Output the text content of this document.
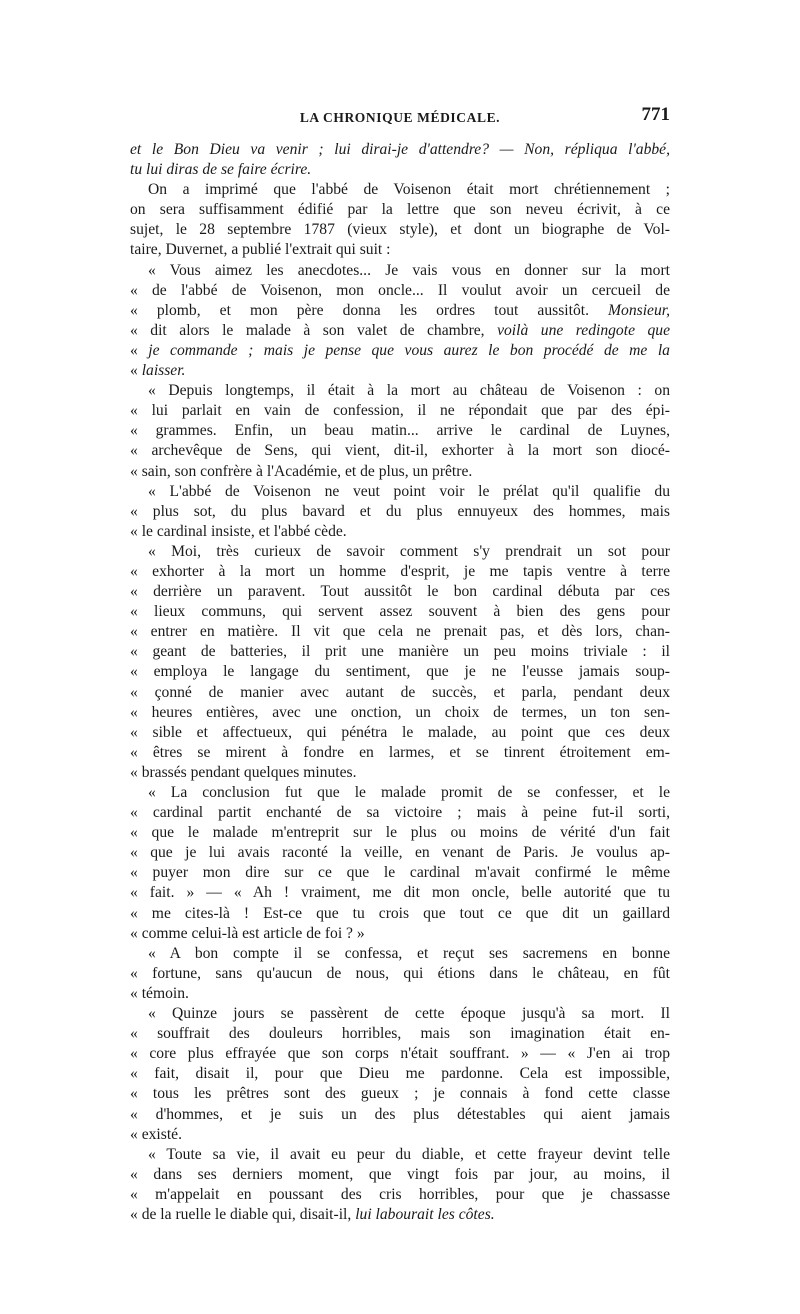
LA CHRONIQUE MÉDICALE.	771
et le Bon Dieu va venir ; lui dirai-je d'attendre? — Non, répliqua l'abbé,
tu lui diras de se faire écrire.
On a imprimé que l'abbé de Voisenon était mort chrétiennement ;
on sera suffisamment édifié par la lettre que son neveu écrivit, à ce
sujet, le 28 septembre 1787 (vieux style), et dont un biographe de Vol-
taire, Duvernet, a publié l'extrait qui suit :
« Vous aimez les anecdotes... Je vais vous en donner sur la mort
« de l'abbé de Voisenon, mon oncle... Il voulut avoir un cercueil de
« plomb, et mon père donna les ordres tout aussitôt. Monsieur,
« dit alors le malade à son valet de chambre, voilà une redingote que
« je commande ; mais je pense que vous aurez le bon procédé de me la
« laisser.
« Depuis longtemps, il était à la mort au château de Voisenon : on
« lui parlait en vain de confession, il ne répondait que par des épi-
« grammes. Enfin, un beau matin... arrive le cardinal de Luynes,
« archevêque de Sens, qui vient, dit-il, exhorter à la mort son diocé-
« sain, son confrère à l'Académie, et de plus, un prêtre.
« L'abbé de Voisenon ne veut point voir le prélat qu'il qualifie du
« plus sot, du plus bavard et du plus ennuyeux des hommes, mais
« le cardinal insiste, et l'abbé cède.
« Moi, très curieux de savoir comment s'y prendrait un sot pour
« exhorter à la mort un homme d'esprit, je me tapis ventre à terre
« derrière un paravent. Tout aussitôt le bon cardinal débuta par ces
« lieux communs, qui servent assez souvent à bien des gens pour
« entrer en matière. Il vit que cela ne prenait pas, et dès lors, chan-
« geant de batteries, il prit une manière un peu moins triviale : il
« employa le langage du sentiment, que je ne l'eusse jamais soup-
« çonné de manier avec autant de succès, et parla, pendant deux
« heures entières, avec une onction, un choix de termes, un ton sen-
« sible et affectueux, qui pénétra le malade, au point que ces deux
« êtres se mirent à fondre en larmes, et se tinrent étroitement em-
« brassés pendant quelques minutes.
« La conclusion fut que le malade promit de se confesser, et le
« cardinal partit enchanté de sa victoire ; mais à peine fut-il sorti,
« que le malade m'entreprit sur le plus ou moins de vérité d'un fait
« que je lui avais raconté la veille, en venant de Paris. Je voulus ap-
« puyer mon dire sur ce que le cardinal m'avait confirmé le même
« fait. » — « Ah ! vraiment, me dit mon oncle, belle autorité que tu
« me cites-là ! Est-ce que tu crois que tout ce que dit un gaillard
« comme celui-là est article de foi ? »
« A bon compte il se confessa, et reçut ses sacremens en bonne
« fortune, sans qu'aucun de nous, qui étions dans le château, en fût
« témoin.
« Quinze jours se passèrent de cette époque jusqu'à sa mort. Il
« souffrait des douleurs horribles, mais son imagination était en-
« core plus effrayée que son corps n'était souffrant. » — « J'en ai trop
« fait, disait il, pour que Dieu me pardonne. Cela est impossible,
« tous les prêtres sont des gueux ; je connais à fond cette classe
« d'hommes, et je suis un des plus détestables qui aient jamais
« existé.
« Toute sa vie, il avait eu peur du diable, et cette frayeur devint telle
« dans ses derniers moment, que vingt fois par jour, au moins, il
« m'appelait en poussant des cris horribles, pour que je chassasse
« de la ruelle le diable qui, disait-il, lui labourait les côtes.
